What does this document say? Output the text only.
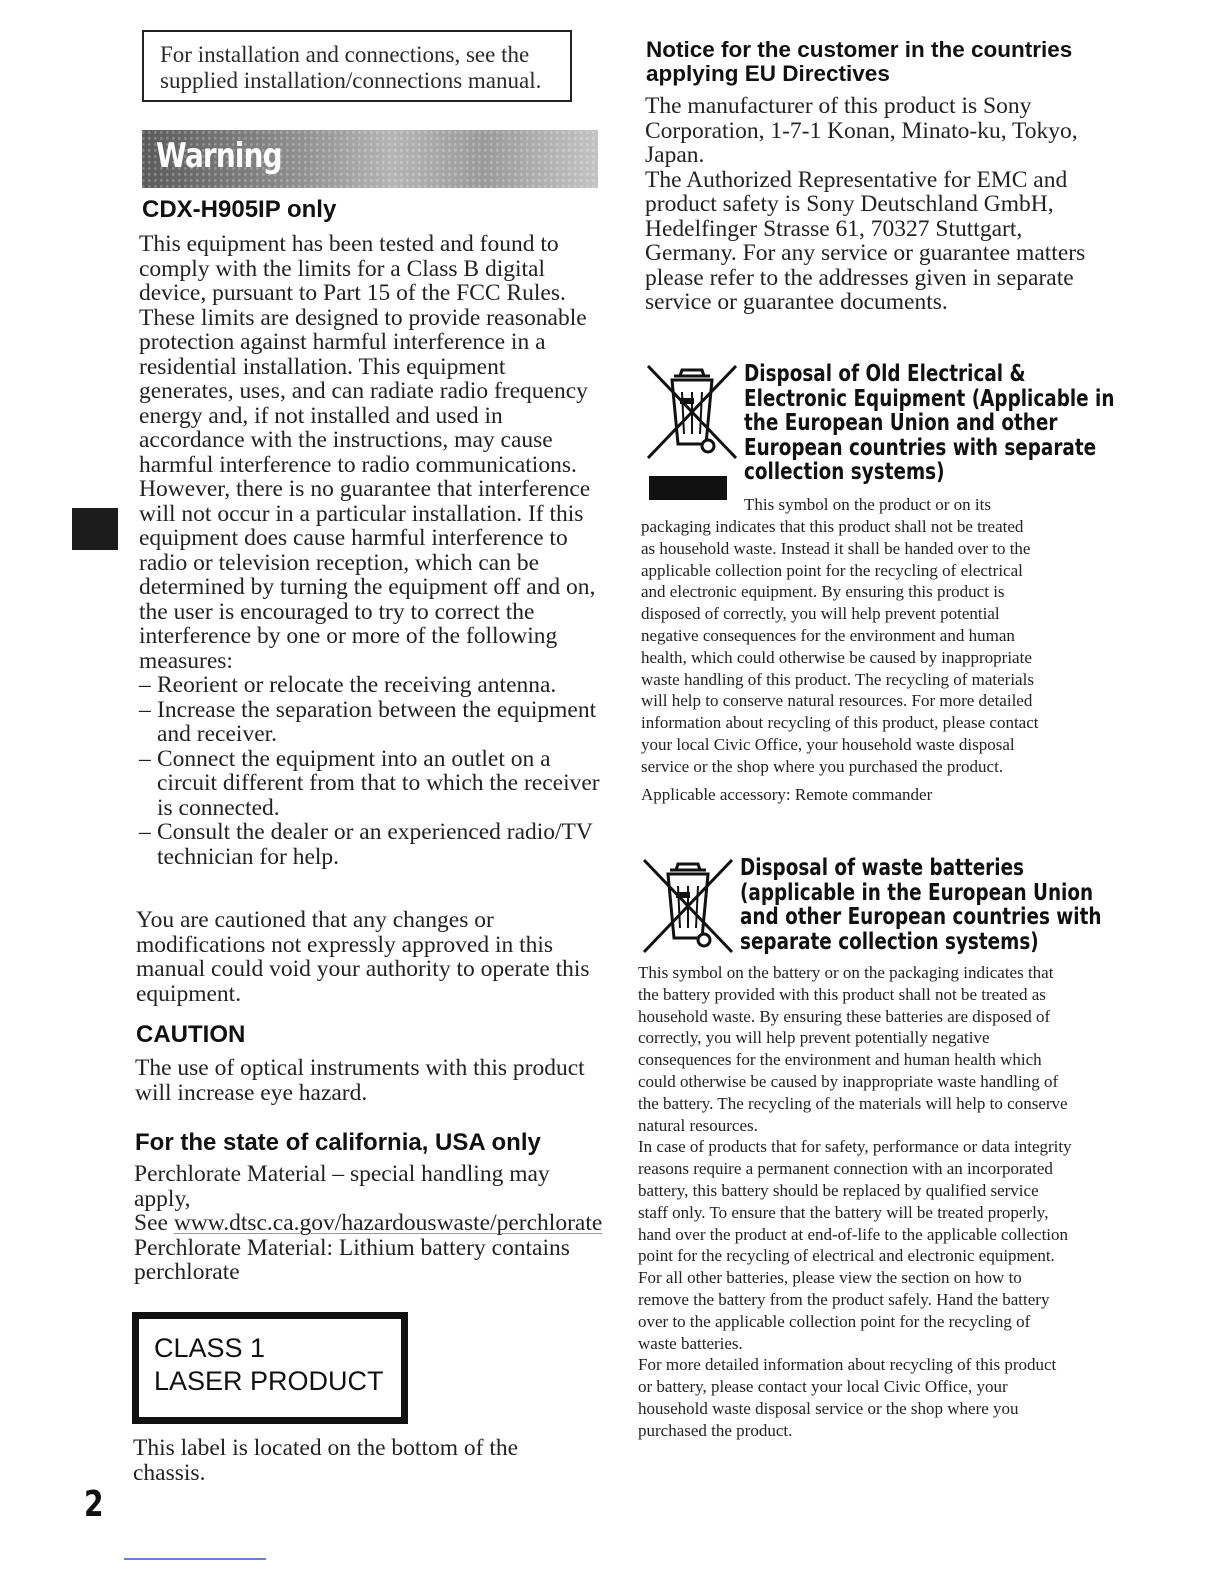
For installation and connections, see the
supplied installation/connections manual.
Warning
CDX-H905IP only
This equipment has been tested and found to
comply with the limits for a Class B digital
device, pursuant to Part 15 of the FCC Rules.
These limits are designed to provide reasonable
protection against harmful interference in a
residential installation. This equipment
generates, uses, and can radiate radio frequency
energy and, if not installed and used in
accordance with the instructions, may cause
harmful interference to radio communications.
However, there is no guarantee that interference
will not occur in a particular installation. If this
equipment does cause harmful interference to
radio or television reception, which can be
determined by turning the equipment off and on,
the user is encouraged to try to correct the
interference by one or more of the following
measures:
– Reorient or relocate the receiving antenna.
– Increase the separation between the equipment
and receiver.
– Connect the equipment into an outlet on a
circuit different from that to which the receiver
is connected.
– Consult the dealer or an experienced radio/TV
technician for help.
You are cautioned that any changes or
modifications not expressly approved in this
manual could void your authority to operate this
equipment.
CAUTION
The use of optical instruments with this product
will increase eye hazard.
For the state of california, USA only
Perchlorate Material – special handling may apply,
See www.dtsc.ca.gov/hazardouswaste/perchlorate
Perchlorate Material: Lithium battery contains
perchlorate
CLASS 1
LASER PRODUCT
This label is located on the bottom of the
chassis.
2
Notice for the customer in the countries
applying EU Directives
The manufacturer of this product is Sony
Corporation, 1-7-1 Konan, Minato-ku, Tokyo,
Japan.
The Authorized Representative for EMC and
product safety is Sony Deutschland GmbH,
Hedelfinger Strasse 61, 70327 Stuttgart,
Germany. For any service or guarantee matters
please refer to the addresses given in separate
service or guarantee documents.
Disposal of Old Electrical &
Electronic Equipment (Applicable in
the European Union and other
European countries with separate
collection systems)
This symbol on the product or on its
packaging indicates that this product shall not be treated
as household waste. Instead it shall be handed over to the
applicable collection point for the recycling of electrical
and electronic equipment. By ensuring this product is
disposed of correctly, you will help prevent potential
negative consequences for the environment and human
health, which could otherwise be caused by inappropriate
waste handling of this product. The recycling of materials
will help to conserve natural resources. For more detailed
information about recycling of this product, please contact
your local Civic Office, your household waste disposal
service or the shop where you purchased the product.
Applicable accessory: Remote commander
Disposal of waste batteries
(applicable in the European Union
and other European countries with
separate collection systems)
This symbol on the battery or on the packaging indicates that
the battery provided with this product shall not be treated as
household waste. By ensuring these batteries are disposed of
correctly, you will help prevent potentially negative
consequences for the environment and human health which
could otherwise be caused by inappropriate waste handling of
the battery. The recycling of the materials will help to conserve
natural resources.
In case of products that for safety, performance or data integrity
reasons require a permanent connection with an incorporated
battery, this battery should be replaced by qualified service
staff only. To ensure that the battery will be treated properly,
hand over the product at end-of-life to the applicable collection
point for the recycling of electrical and electronic equipment.
For all other batteries, please view the section on how to
remove the battery from the product safely. Hand the battery
over to the applicable collection point for the recycling of
waste batteries.
For more detailed information about recycling of this product
or battery, please contact your local Civic Office, your
household waste disposal service or the shop where you
purchased the product.
